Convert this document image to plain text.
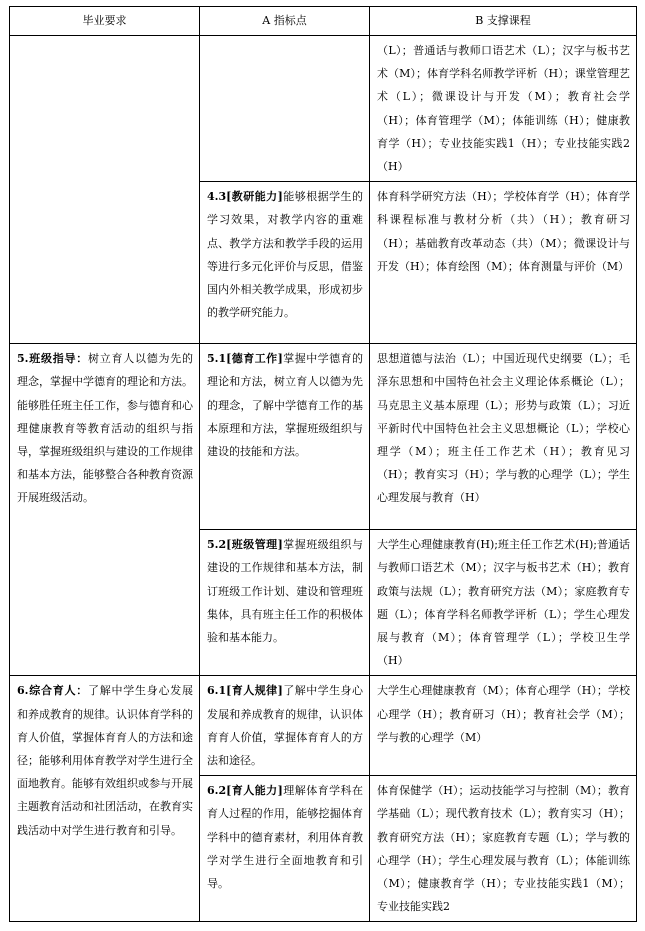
毕业要求	A 指标点	B 支撑课程
		（L）；普通话与教师口语艺术（L）；汉字与板书艺术（M）；体育学科名师教学评析（H）；课堂管理艺术（L）；微课设计与开发（M）；教育社会学（H）；体育管理学（M）；体能训练（H）；健康教育学（H）；专业技能实践1（H）；专业技能实践2（H）
	4.3[教研能力]能够根据学生的学习效果，对教学内容的重难点、教学方法和教学手段的运用等进行多元化评价与反思，借鉴国内外相关教学成果，形成初步的教学研究能力。	体育科学研究方法（H）；学校体育学（H）；体育学科课程标准与教材分析（共）（H）；教育研习（H）；基础教育改革动态（共）（M）；微课设计与开发（H）；体育绘图（M）；体育测量与评价（M）
5.班级指导：树立育人以德为先的理念，掌握中学德育的理论和方法。能够胜任班主任工作，参与德育和心理健康教育等教育活动的组织与指导，掌握班级组织与建设的工作规律和基本方法，能够整合各种教育资源开展班级活动。	5.1[德育工作]掌握中学德育的理论和方法，树立育人以德为先的理念，了解中学德育工作的基本原理和方法，掌握班级组织与建设的技能和方法。	思想道德与法治（L）；中国近现代史纲要（L）；毛泽东思想和中国特色社会主义理论体系概论（L）；马克思主义基本原理（L）；形势与政策（L）；习近平新时代中国特色社会主义思想概论（L）；学校心理学（M）；班主任工作艺术（H）；教育见习（H）；教育实习（H）；学与教的心理学（L）；学生心理发展与教育（H）
	5.2[班级管理]掌握班级组织与建设的工作规律和基本方法，制订班级工作计划、建设和管理班集体，具有班主任工作的积极体验和基本能力。	大学生心理健康教育(H);班主任工作艺术(H);普通话与教师口语艺术（M）；汉字与板书艺术（H）；教育政策与法规（L）；教育研究方法（M）；家庭教育专题（L）；体育学科名师教学评析（L）；学生心理发展与教育（M）；体育管理学（L）；学校卫生学（H）
6.综合育人：了解中学生身心发展和养成教育的规律。认识体育学科的育人价值，掌握体育育人的方法和途径；能够利用体育教学对学生进行全面地教育。能够有效组织或参与开展主题教育活动和社团活动，在教育实践活动中对学生进行教育和引导。	6.1[育人规律]了解中学生身心发展和养成教育的规律，认识体育育人价值，掌握体育育人的方法和途径。	大学生心理健康教育（M）；体育心理学（H）；学校心理学（H）；教育研习（H）；教育社会学（M）；学与教的心理学（M）
	6.2[育人能力]理解体育学科在育人过程的作用，能够挖掘体育学科中的德育素材，利用体育教学对学生进行全面地教育和引导。	体育保健学（H）；运动技能学习与控制（M）；教育学基础（L）；现代教育技术（L）；教育实习（H）；教育研究方法（H）；家庭教育专题（L）；学与教的心理学（H）；学生心理发展与教育（L）；体能训练（M）；健康教育学（H）；专业技能实践1（M）；专业技能实践2
